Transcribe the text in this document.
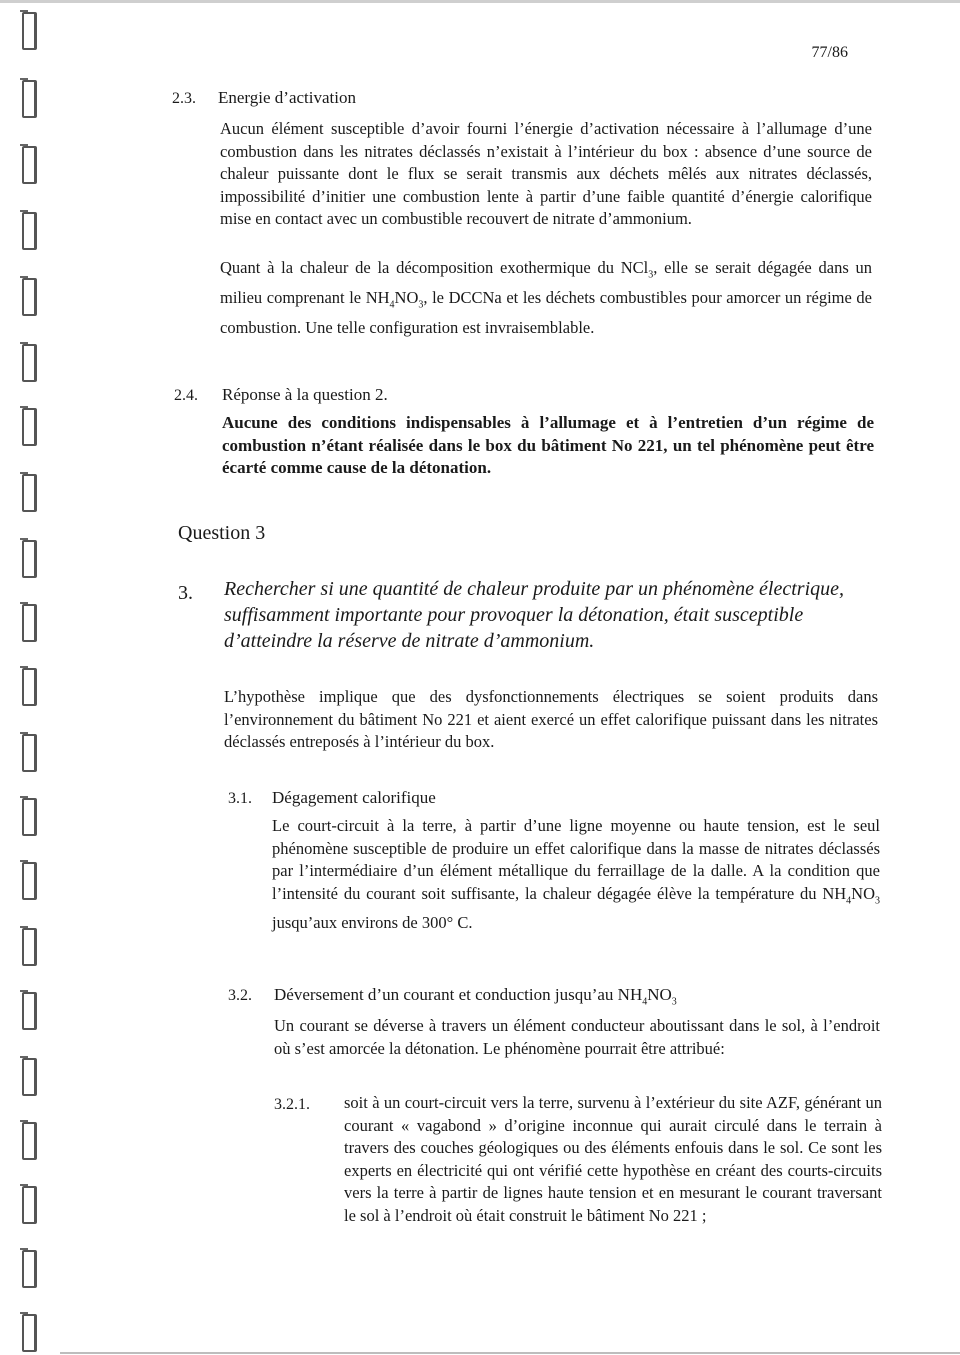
77/86
2.3. Energie d’activation
Aucun élément susceptible d’avoir fourni l’énergie d’activation nécessaire à l’allumage d’une combustion dans les nitrates déclassés n’existait à l’intérieur du box : absence d’une source de chaleur puissante dont le flux se serait transmis aux déchets mêlés aux nitrates déclassés, impossibilité d’initier une combustion lente à partir d’une faible quantité d’énergie calorifique mise en contact avec un combustible recouvert de nitrate d’ammonium.
Quant à la chaleur de la décomposition exothermique du NCl$_3$, elle se serait dégagée dans un milieu comprenant le $NH_4NO_3$, le DCCNa et les déchets combustibles pour amorcer un régime de combustion. Une telle configuration est invraisemblable.
2.4. Réponse à la question 2.
Aucune des conditions indispensables à l’allumage et à l’entretien d’un régime de combustion n’étant réalisée dans le box du bâtiment No 221, un tel phénomène peut être écarté comme cause de la détonation.
Question 3
3. Rechercher si une quantité de chaleur produite par un phénomène électrique, suffisamment importante pour provoquer la détonation, était susceptible d’atteindre la réserve de nitrate d’ammonium.
L’hypothèse implique que des dysfonctionnements électriques se soient produits dans l’environnement du bâtiment No 221 et aient exercé un effet calorifique puissant dans les nitrates déclassés entreposés à l’intérieur du box.
3.1. Dégagement calorifique
Le court-circuit à la terre, à partir d’une ligne moyenne ou haute tension, est le seul phénomène susceptible de produire un effet calorifique dans la masse de nitrates déclassés par l’intermédiaire d’un élément métallique du ferraillage de la dalle. A la condition que l’intensité du courant soit suffisante, la chaleur dégagée élève la température du $NH_4NO_3$ jusqu’aux environs de 300° C.
3.2. Déversement d’un courant et conduction jusqu’au $NH_4NO_3$
Un courant se déverse à travers un élément conducteur aboutissant dans le sol, à l’endroit où s’est amorcée la détonation. Le phénomène pourrait être attribué:
3.2.1. soit à un court-circuit vers la terre, survenu à l’extérieur du site AZF, générant un courant « vagabond » d’origine inconnue qui aurait circulé dans le terrain à travers des couches géologiques ou des éléments enfouis dans le sol. Ce sont les experts en électricité qui ont vérifié cette hypothèse en créant des courts-circuits vers la terre à partir de lignes haute tension et en mesurant le courant traversant le sol à l’endroit où était construit le bâtiment No 221 ;
